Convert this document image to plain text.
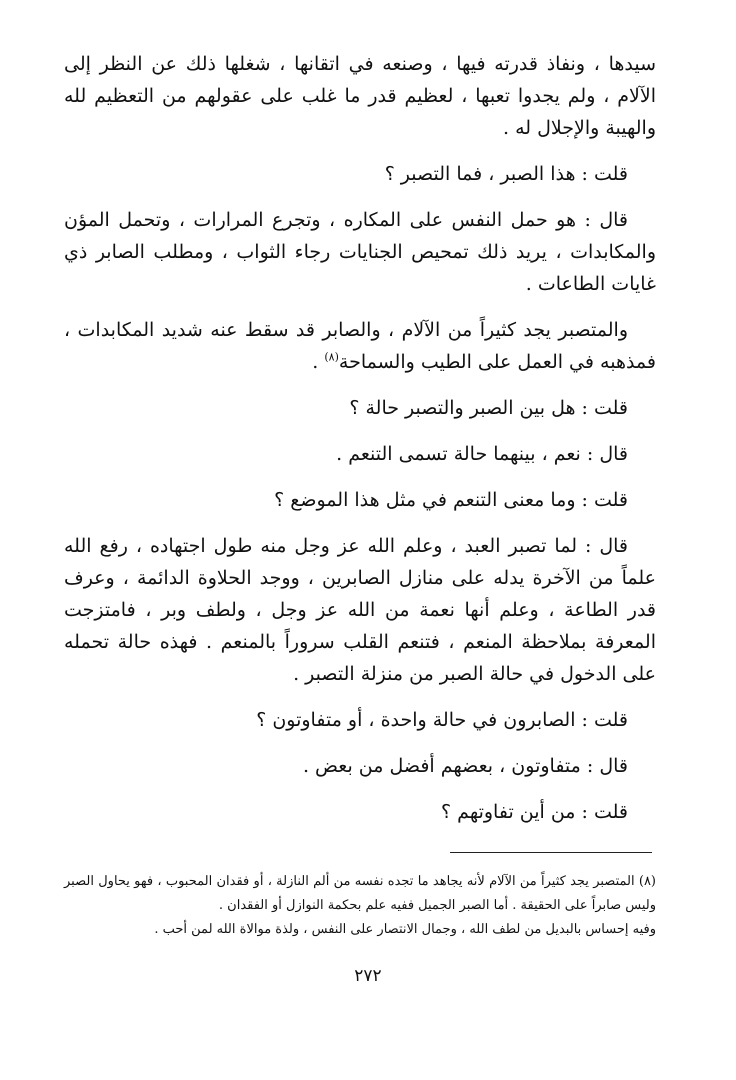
سيدها ، ونفاذ قدرته فيها ، وصنعه في اتقانها ، شغلها ذلك عن النظر إلى الآلام ، ولم يجدوا تعبها ، لعظيم قدر ما غلب على عقولهم من التعظيم لله والهيبة والإجلال له .

قلت : هذا الصبر ، فما التصبر ؟

قال : هو حمل النفس على المكاره ، وتجرع المرارات ، وتحمل المؤن والمكابدات ، يريد ذلك تمحيص الجنايات رجاء الثواب ، ومطلب الصابر ذي غايات الطاعات .

والمتصبر يجد كثيراً من الآلام ، والصابر قد سقط عنه شديد المكابدات ، فمذهبه في العمل على الطيب والسماحة$^{(٨)}$ .

قلت : هل بين الصبر والتصبر حالة ؟

قال : نعم ، بينهما حالة تسمى التنعم .

قلت : وما معنى التنعم في مثل هذا الموضع ؟

قال : لما تصبر العبد ، وعلم الله عز وجل منه طول اجتهاده ، رفع الله علماً من الآخرة يدله على منازل الصابرين ، ووجد الحلاوة الدائمة ، وعرف قدر الطاعة ، وعلم أنها نعمة من الله عز وجل ، ولطف وبر ، فامتزجت المعرفة بملاحظة المنعم ، فتنعم القلب سروراً بالمنعم . فهذه حالة تحمله على الدخول في حالة الصبر من منزلة التصبر .

قلت : الصابرون في حالة واحدة ، أو متفاوتون ؟

قال : متفاوتون ، بعضهم أفضل من بعض .

قلت : من أين تفاوتهم ؟

(٨) المتصبر يجد كثيراً من الآلام لأنه يجاهد ما تجده نفسه من ألم النازلة ، أو فقدان المحبوب ، فهو يحاول الصبر وليس صابراً على الحقيقة . أما الصبر الجميل ففيه علم بحكمة النوازل أو الفقدان .

وفيه إحساس بالبديل من لطف الله ، وجمال الانتصار على النفس ، ولذة موالاة الله لمن أحب .

٢٧٢
